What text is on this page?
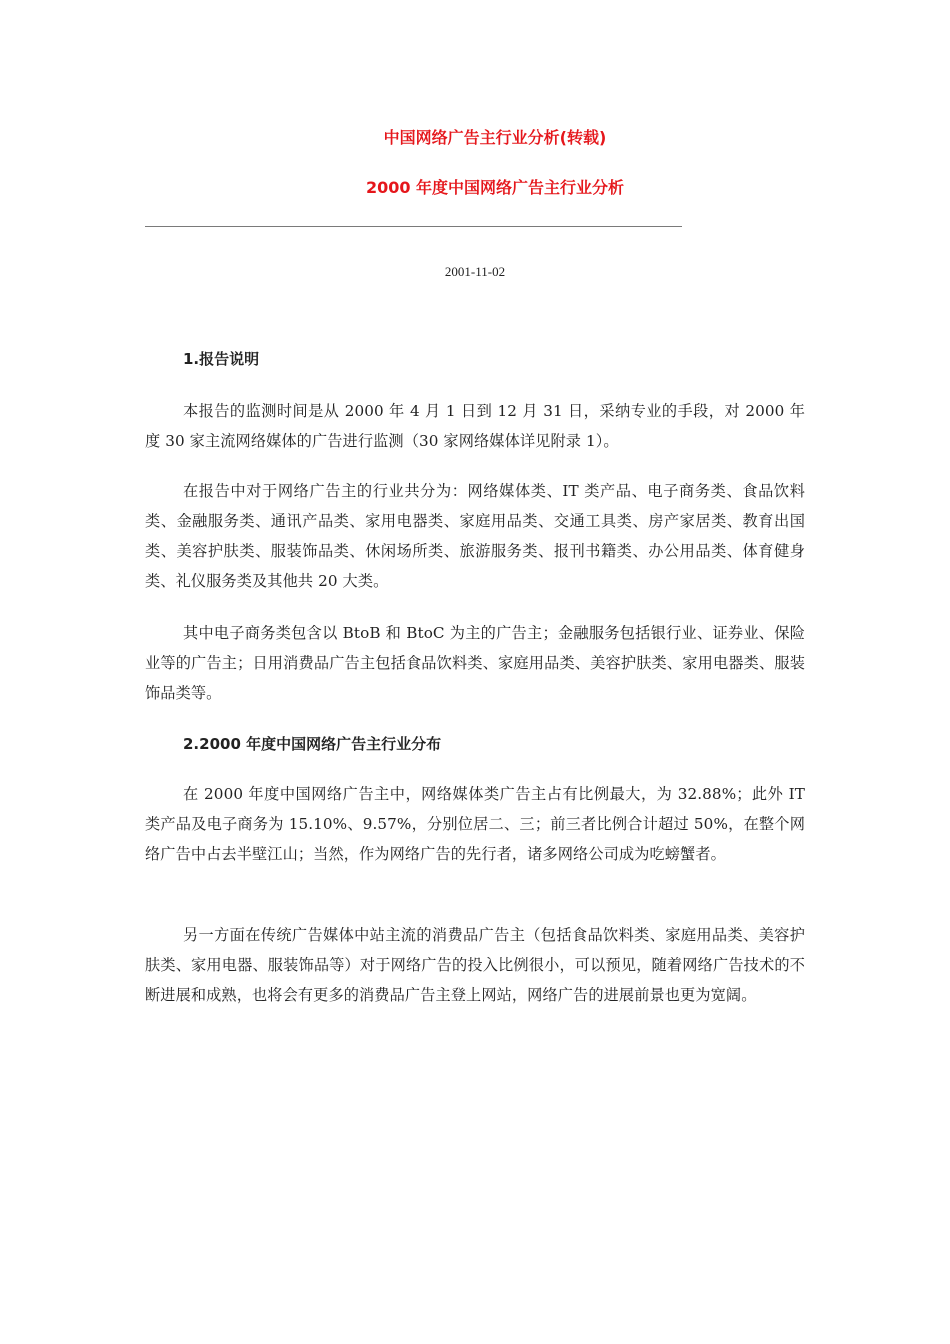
中国网络广告主行业分析(转载)
2000 年度中国网络广告主行业分析
2001-11-02
1.报告说明

本报告的监测时间是从 2000 年 4 月 1 日到 12 月 31 日，采纳专业的手段，对 2000 年度 30 家主流网络媒体的广告进行监测（30 家网络媒体详见附录 1）。

在报告中对于网络广告主的行业共分为：网络媒体类、IT 类产品、电子商务类、食品饮料类、金融服务类、通讯产品类、家用电器类、家庭用品类、交通工具类、房产家居类、教育出国类、美容护肤类、服装饰品类、休闲场所类、旅游服务类、报刊书籍类、办公用品类、体育健身类、礼仪服务类及其他共 20 大类。

其中电子商务类包含以 BtoB 和 BtoC 为主的广告主；金融服务包括银行业、证券业、保险业等的广告主；日用消费品广告主包括食品饮料类、家庭用品类、美容护肤类、家用电器类、服装饰品类等。

2.2000 年度中国网络广告主行业分布

在 2000 年度中国网络广告主中，网络媒体类广告主占有比例最大，为 32.88%；此外 IT 类产品及电子商务为 15.10%、9.57%，分别位居二、三；前三者比例合计超过 50%，在整个网络广告中占去半壁江山；当然，作为网络广告的先行者，诸多网络公司成为吃螃蟹者。

另一方面在传统广告媒体中站主流的消费品广告主（包括食品饮料类、家庭用品类、美容护肤类、家用电器、服装饰品等）对于网络广告的投入比例很小，可以预见，随着网络广告技术的不断进展和成熟，也将会有更多的消费品广告主登上网站，网络广告的进展前景也更为宽阔。
